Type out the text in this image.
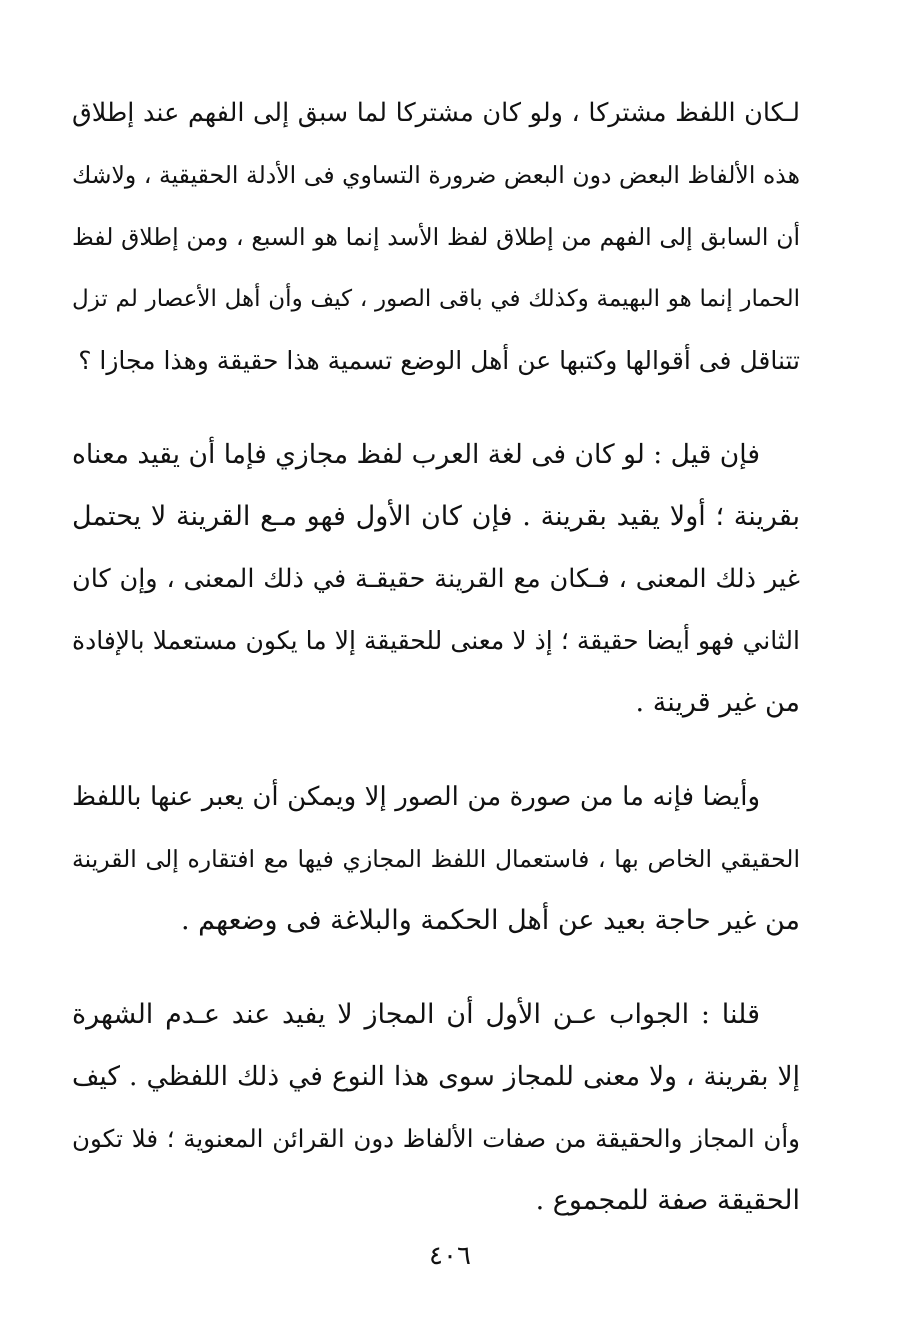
لـكان اللفظ مشتركا ، ولو كان مشتركا لما سبق إلى الفهم عند إطلاق
هذه الألفاظ البعض دون البعض ضرورة التساوي فى الأدلة الحقيقية ، ولاشك
أن السابق إلى الفهم من إطلاق لفظ الأسد إنما هو السبع ، ومن إطلاق لفظ
الحمار إنما هو البهيمة وكذلك في باقى الصور ، كيف وأن أهل الأعصار لم تزل
تتناقل فى أقوالها وكتبها عن أهل الوضع تسمية هذا حقيقة وهذا مجازا ؟
فإن قيل : لو كان فى لغة العرب لفظ مجازي فإما أن يقيد معناه
بقرينة ؛ أولا يقيد بقرينة . فإن كان الأول فهو مـع القرينة لا يحتمل
غير ذلك المعنى ، فـكان مع القرينة حقيقـة في ذلك المعنى ، وإن كان
الثاني فهو أيضا حقيقة ؛ إذ لا معنى للحقيقة إلا ما يكون مستعملا بالإفادة
من غير قرينة .
وأيضا فإنه ما من صورة من الصور إلا ويمكن أن يعبر عنها باللفظ
الحقيقي الخاص بها ، فاستعمال اللفظ المجازي فيها مع افتقاره إلى القرينة
من غير حاجة بعيد عن أهل الحكمة والبلاغة فى وضعهم .
قلنا : الجواب عـن الأول أن المجاز لا يفيد عند عـدم الشهرة
إلا بقرينة ، ولا معنى للمجاز سوى هذا النوع في ذلك اللفظي . كيف
وأن المجاز والحقيقة من صفات الألفاظ دون القرائن المعنوية ؛ فلا تكون
الحقيقة صفة للمجموع .
٤٠٦
